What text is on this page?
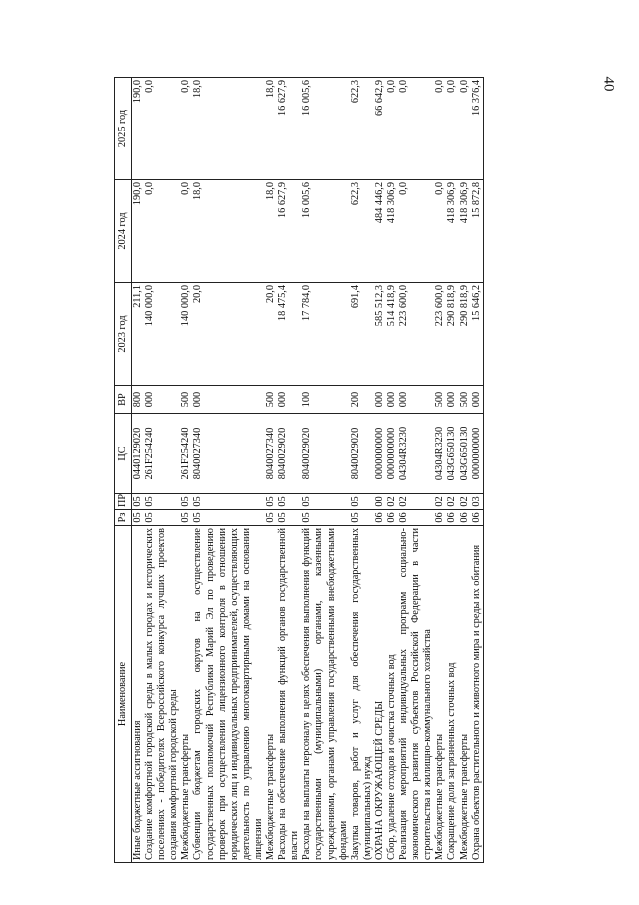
40
Наименование	Рз	ПР	ЦС	ВР	2023 год	2024 год	2025 год
Иные бюджетные ассигнования	05	05	0440129020	800	211,1	190,0	190,0
Создание комфортной городской среды в малых городах и исторических поселениях - победителях Всероссийского конкурса лучших проектов создания комфортной городской среды	05	05	261F254240	000	140 000,0	0,0	0,0
Межбюджетные трансферты	05	05	261F254240	500	140 000,0	0,0	0,0
Субвенции бюджетам городских округов на осуществление государственных полномочий Республики Марий Эл по проведению проверок при осуществлении лицензионного контроля в отношении юридических лиц и индивидуальных предпринимателей, осуществляющих деятельность по управлению многоквартирными домами на основании лицензии	05	05	8040027340	000	20,0	18,0	18,0
Межбюджетные трансферты	05	05	8040027340	500	20,0	18,0	18,0
Расходы на обеспечение выполнения функций органов государственной власти	05	05	8040029020	000	18 475,4	16 627,9	16 627,9
Расходы на выплаты персоналу в целях обеспечения выполнения функций государственными (муниципальными) органами, казенными учреждениями, органами управления государственными внебюджетными фондами	05	05	8040029020	100	17 784,0	16 005,6	16 005,6
Закупка товаров, работ и услуг для обеспечения государственных (муниципальных) нужд	05	05	8040029020	200	691,4	622,3	622,3
ОХРАНА ОКРУЖАЮЩЕЙ СРЕДЫ	06	00	0000000000	000	585 512,3	484 446,2	66 642,9
Сбор, удаление отходов и очистка сточных вод	06	02	0000000000	000	514 418,9	418 306,9	0,0
Реализация мероприятий индивидуальных программ социально-экономического развития субъектов Российской Федерации в части строительства и жилищно-коммунального хозяйства	06	02	04304R3230	000	223 600,0	0,0	0,0
Межбюджетные трансферты	06	02	04304R3230	500	223 600,0	0,0	0,0
Сокращение доли загрязненных сточных вод	06	02	043G650130	000	290 818,9	418 306,9	0,0
Межбюджетные трансферты	06	02	043G650130	500	290 818,9	418 306,9	0,0
Охрана объектов растительного и животного мира и среды их обитания	06	03	0000000000	000	15 646,2	15 872,8	16 376,4
